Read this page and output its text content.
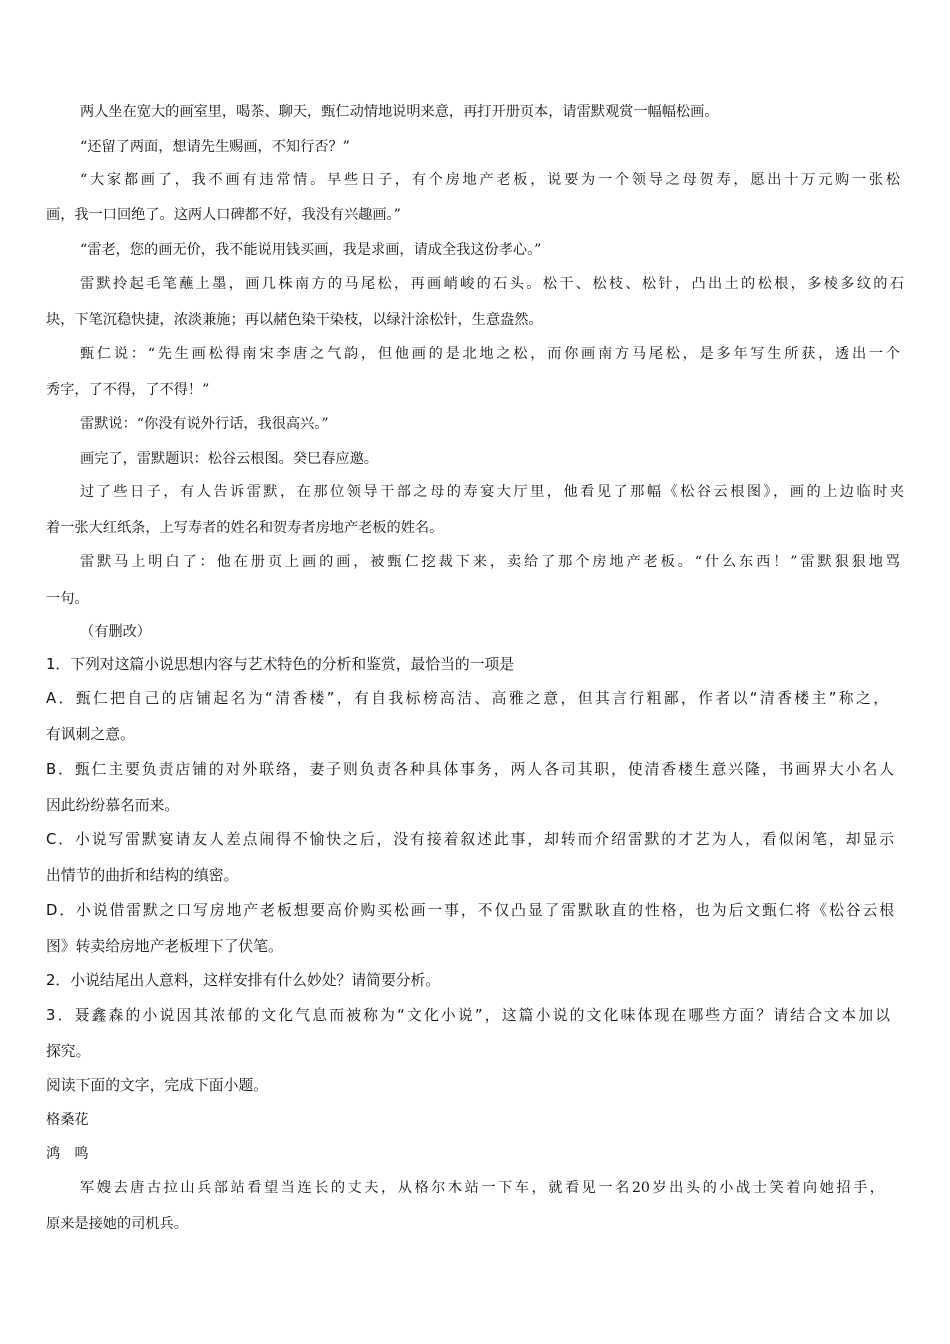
两人坐在宽大的画室里，喝茶、聊天，甄仁动情地说明来意，再打开册页本，请雷默观赏一幅幅松画。
“还留了两面，想请先生赐画，不知行否？”
“大家都画了，我不画有违常情。早些日子，有个房地产老板，说要为一个领导之母贺寿，愿出十万元购一张松
画，我一口回绝了。这两人口碑都不好，我没有兴趣画。”
“雷老，您的画无价，我不能说用钱买画，我是求画，请成全我这份孝心。”
雷默拎起毛笔蘸上墨，画几株南方的马尾松，再画峭峻的石头。松干、松枝、松针，凸出土的松根，多棱多纹的石
块，下笔沉稳快捷，浓淡兼施；再以赭色染干染枝，以绿汁涂松针，生意盎然。
甄仁说：“先生画松得南宋李唐之气韵，但他画的是北地之松，而你画南方马尾松，是多年写生所获，透出一个
秀字，了不得，了不得！”
雷默说：“你没有说外行话，我很高兴。”
画完了，雷默题识：松谷云根图。癸巳春应邀。
过了些日子，有人告诉雷默，在那位领导干部之母的寿宴大厅里，他看见了那幅《松谷云根图》，画的上边临时夹
着一张大红纸条，上写寿者的姓名和贺寿者房地产老板的姓名。
雷默马上明白了：他在册页上画的画，被甄仁挖裁下来，卖给了那个房地产老板。“什么东西！”雷默狠狠地骂
一句。
（有删改）
1．下列对这篇小说思想内容与艺术特色的分析和鉴赏，最恰当的一项是
A．甄仁把自己的店铺起名为“清香楼”，有自我标榜高洁、高雅之意，但其言行粗鄙，作者以“清香楼主”称之，
有讽刺之意。
B．甄仁主要负责店铺的对外联络，妻子则负责各种具体事务，两人各司其职，使清香楼生意兴隆，书画界大小名人
因此纷纷慕名而来。
C．小说写雷默宴请友人差点闹得不愉快之后，没有接着叙述此事，却转而介绍雷默的才艺为人，看似闲笔，却显示
出情节的曲折和结构的缜密。
D．小说借雷默之口写房地产老板想要高价购买松画一事，不仅凸显了雷默耿直的性格，也为后文甄仁将《松谷云根
图》转卖给房地产老板埋下了伏笔。
2．小说结尾出人意料，这样安排有什么妙处？请简要分析。
3．聂鑫森的小说因其浓郁的文化气息而被称为“文化小说”，这篇小说的文化味体现在哪些方面？请结合文本加以
探究。
阅读下面的文字，完成下面小题。
格桑花
鸿　鸣
军嫂去唐古拉山兵部站看望当连长的丈夫，从格尔木站一下车，就看见一名20岁出头的小战士笑着向她招手，
原来是接她的司机兵。
